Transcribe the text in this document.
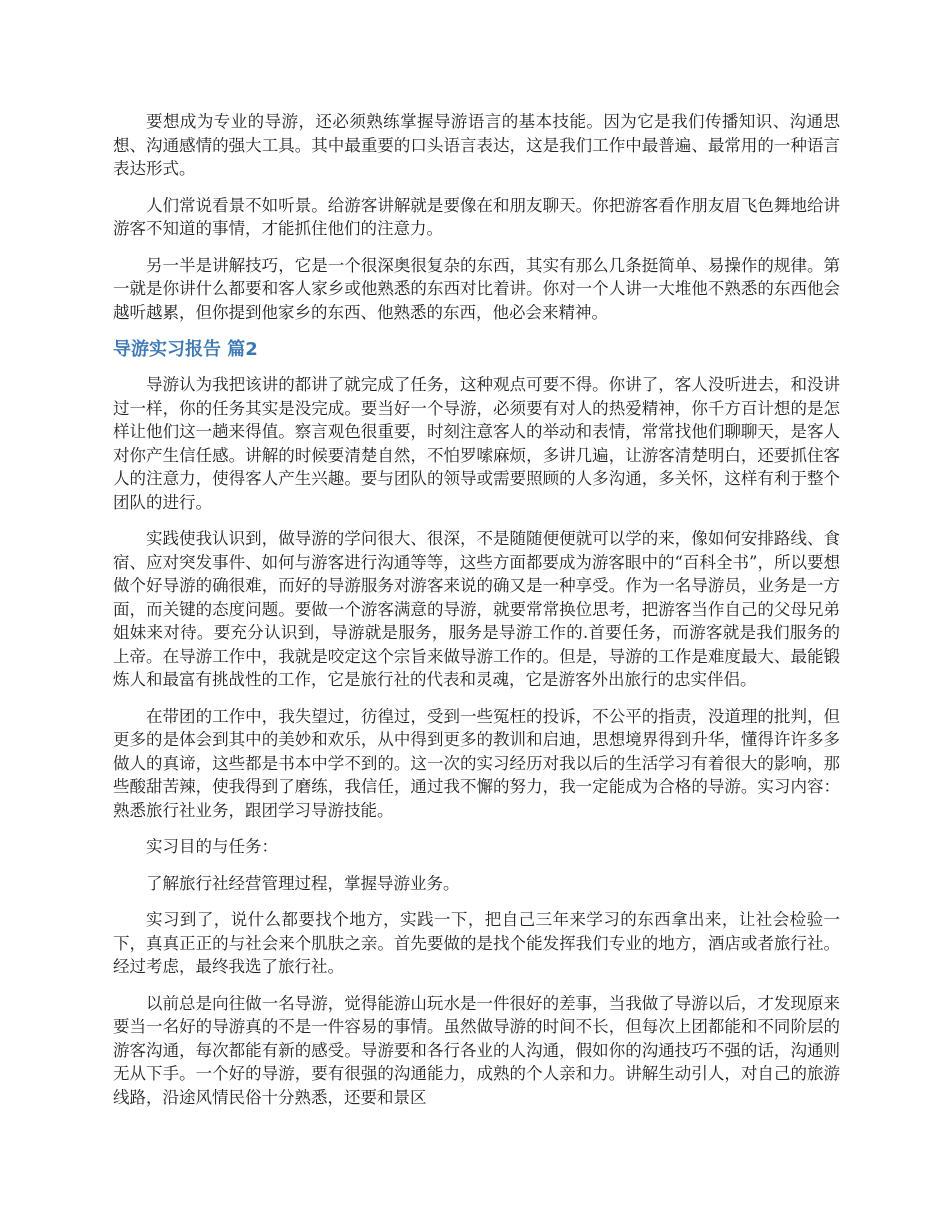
要想成为专业的导游，还必须熟练掌握导游语言的基本技能。因为它是我们传播知识、沟通思想、沟通感情的强大工具。其中最重要的口头语言表达，这是我们工作中最普遍、最常用的一种语言表达形式。

人们常说看景不如听景。给游客讲解就是要像在和朋友聊天。你把游客看作朋友眉飞色舞地给讲游客不知道的事情，才能抓住他们的注意力。

另一半是讲解技巧，它是一个很深奥很复杂的东西，其实有那么几条挺简单、易操作的规律。第一就是你讲什么都要和客人家乡或他熟悉的东西对比着讲。你对一个人讲一大堆他不熟悉的东西他会越听越累，但你提到他家乡的东西、他熟悉的东西，他必会来精神。

导游实习报告 篇2

导游认为我把该讲的都讲了就完成了任务，这种观点可要不得。你讲了，客人没听进去，和没讲过一样，你的任务其实是没完成。要当好一个导游，必须要有对人的热爱精神，你千方百计想的是怎样让他们这一趟来得值。察言观色很重要，时刻注意客人的举动和表情，常常找他们聊聊天，是客人对你产生信任感。讲解的时候要清楚自然，不怕罗嗦麻烦，多讲几遍，让游客清楚明白，还要抓住客人的注意力，使得客人产生兴趣。要与团队的领导或需要照顾的人多沟通，多关怀，这样有利于整个团队的进行。

实践使我认识到，做导游的学问很大、很深，不是随随便便就可以学的来，像如何安排路线、食宿、应对突发事件、如何与游客进行沟通等等，这些方面都要成为游客眼中的“百科全书”，所以要想做个好导游的确很难，而好的导游服务对游客来说的确又是一种享受。作为一名导游员，业务是一方面，而关键的态度问题。要做一个游客满意的导游，就要常常换位思考，把游客当作自己的父母兄弟姐妹来对待。要充分认识到，导游就是服务，服务是导游工作的.首要任务，而游客就是我们服务的上帝。在导游工作中，我就是咬定这个宗旨来做导游工作的。但是，导游的工作是难度最大、最能锻炼人和最富有挑战性的工作，它是旅行社的代表和灵魂，它是游客外出旅行的忠实伴侣。

在带团的工作中，我失望过，彷徨过，受到一些冤枉的投诉，不公平的指责，没道理的批判，但更多的是体会到其中的美妙和欢乐，从中得到更多的教训和启迪，思想境界得到升华，懂得许许多多做人的真谛，这些都是书本中学不到的。这一次的实习经历对我以后的生活学习有着很大的影响，那些酸甜苦辣，使我得到了磨练，我信任，通过我不懈的努力，我一定能成为合格的导游。实习内容：熟悉旅行社业务，跟团学习导游技能。

实习目的与任务：

了解旅行社经营管理过程，掌握导游业务。

实习到了，说什么都要找个地方，实践一下，把自己三年来学习的东西拿出来，让社会检验一下，真真正正的与社会来个肌肤之亲。首先要做的是找个能发挥我们专业的地方，酒店或者旅行社。经过考虑，最终我选了旅行社。

以前总是向往做一名导游，觉得能游山玩水是一件很好的差事，当我做了导游以后，才发现原来要当一名好的导游真的不是一件容易的事情。虽然做导游的时间不长，但每次上团都能和不同阶层的游客沟通，每次都能有新的感受。导游要和各行各业的人沟通，假如你的沟通技巧不强的话，沟通则无从下手。一个好的导游，要有很强的沟通能力，成熟的个人亲和力。讲解生动引人，对自己的旅游线路，沿途风情民俗十分熟悉，还要和景区
